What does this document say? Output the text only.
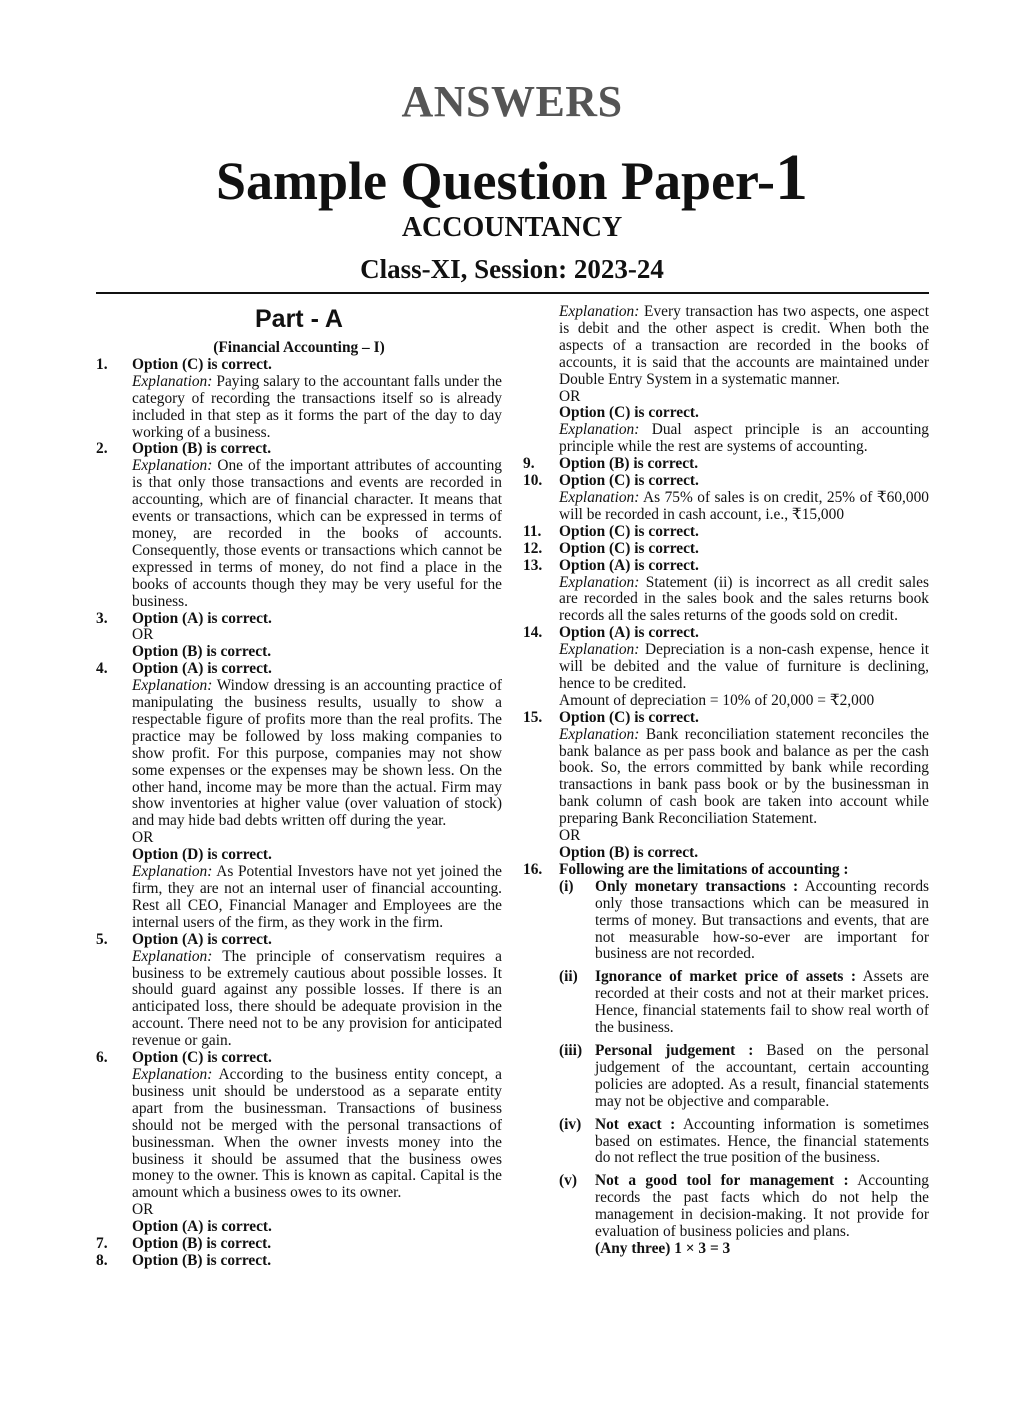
ANSWERS
Sample Question Paper-1
ACCOUNTANCY
Class-XI, Session: 2023-24
Part - A

(Financial Accounting – I)

1. Option (C) is correct.

Explanation: Paying salary to the accountant falls under the category of recording the transactions itself so is already included in that step as it forms the part of the day to day working of a business.

2. Option (B) is correct.

Explanation: One of the important attributes of accounting is that only those transactions and events are recorded in accounting, which are of financial character. It means that events or transactions, which can be expressed in terms of money, are recorded in the books of accounts. Consequently, those events or transactions which cannot be expressed in terms of money, do not find a place in the books of accounts though they may be very useful for the business.

3. Option (A) is correct.

OR

Option (B) is correct.

4. Option (A) is correct.

Explanation: Window dressing is an accounting practice of manipulating the business results, usually to show a respectable figure of profits more than the real profits. The practice may be followed by loss making companies to show profit. For this purpose, companies may not show some expenses or the expenses may be shown less. On the other hand, income may be more than the actual. Firm may show inventories at higher value (over valuation of stock) and may hide bad debts written off during the year.

OR

Option (D) is correct.

Explanation: As Potential Investors have not yet joined the firm, they are not an internal user of financial accounting. Rest all CEO, Financial Manager and Employees are the internal users of the firm, as they work in the firm.

5. Option (A) is correct.

Explanation: The principle of conservatism requires a business to be extremely cautious about possible losses. It should guard against any possible losses. If there is an anticipated loss, there should be adequate provision in the account. There need not to be any provision for anticipated revenue or gain.

6. Option (C) is correct.

Explanation: According to the business entity concept, a business unit should be understood as a separate entity apart from the businessman. Transactions of business should not be merged with the personal transactions of businessman. When the owner invests money into the business it should be assumed that the business owes money to the owner. This is known as capital. Capital is the amount which a business owes to its owner.

OR

Option (A) is correct.

7. Option (B) is correct.

8. Option (B) is correct.

Explanation: Every transaction has two aspects, one aspect is debit and the other aspect is credit. When both the aspects of a transaction are recorded in the books of accounts, it is said that the accounts are maintained under Double Entry System in a systematic manner.

OR

Option (C) is correct.

Explanation: Dual aspect principle is an accounting principle while the rest are systems of accounting.

9. Option (B) is correct.

10. Option (C) is correct.

Explanation: As 75% of sales is on credit, 25% of ₹60,000 will be recorded in cash account, i.e., ₹15,000

11. Option (C) is correct.

12. Option (C) is correct.

13. Option (A) is correct.

Explanation: Statement (ii) is incorrect as all credit sales are recorded in the sales book and the sales returns book records all the sales returns of the goods sold on credit.

14. Option (A) is correct.

Explanation: Depreciation is a non-cash expense, hence it will be debited and the value of furniture is declining, hence to be credited.

Amount of depreciation = 10% of 20,000 = ₹2,000

15. Option (C) is correct.

Explanation: Bank reconciliation statement reconciles the bank balance as per pass book and balance as per the cash book. So, the errors committed by bank while recording transactions in bank pass book or by the businessman in bank column of cash book are taken into account while preparing Bank Reconciliation Statement.

OR

Option (B) is correct.

16. Following are the limitations of accounting :

(i) Only monetary transactions : Accounting records only those transactions which can be measured in terms of money. But transactions and events, that are not measurable how-so-ever are important for business are not recorded.

(ii) Ignorance of market price of assets : Assets are recorded at their costs and not at their market prices. Hence, financial statements fail to show real worth of the business.

(iii) Personal judgement : Based on the personal judgement of the accountant, certain accounting policies are adopted. As a result, financial statements may not be objective and comparable.

(iv) Not exact : Accounting information is sometimes based on estimates. Hence, the financial statements do not reflect the true position of the business.

(v) Not a good tool for management : Accounting records the past facts which do not help the management in decision-making. It not provide for evaluation of business policies and plans.

(Any three) 1 × 3 = 3
